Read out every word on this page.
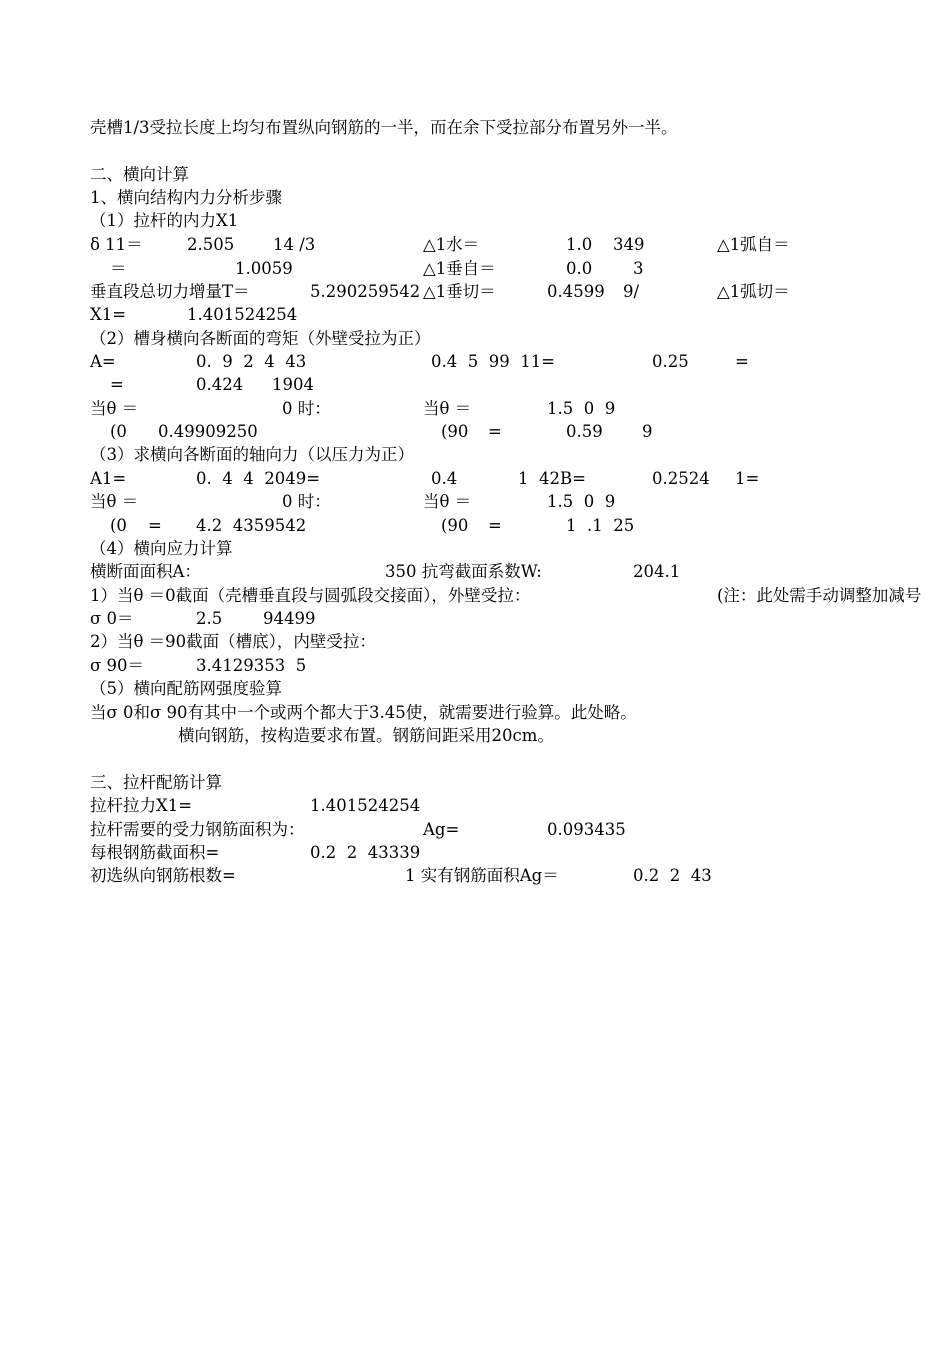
壳槽1/3受拉长度上均匀布置纵向钢筋的一半，而在余下受拉部分布置另外一半。
二、横向计算
1、横向结构内力分析步骤
（1）拉杆的内力X1
δ 11＝	2.505 14 /3	△1水＝	1.0 349	△1弧自＝
＝	1.0059	△1垂自＝	0.0 3
垂直段总切力增量T＝	5.290259542 △1垂切＝	0.4599 9/	△1弧切＝
X1=	1.401524254
（2）槽身横向各断面的弯矩（外壁受拉为正）
A=	0.  9  2  4  43	0.4  5  99  11=	0.25	=
=	0.424 1904
当θ ＝	0 时：	当θ ＝	1.5  0  9
(0 0.49909250	(90 =	0.59 9
（3）求横向各断面的轴向力（以压力为正）
A1=	0.  4  4  2049=	0.4	1  42B=	0.2524 1=
当θ ＝	0 时：	当θ ＝	1.5  0  9
(0 = 4.2  4359542	(90 =	1  .1  25
（4）横向应力计算
横断面面积A：	350 抗弯截面系数W:	204.1
1）当θ ＝0截面（壳槽垂直段与圆弧段交接面），外壁受拉：	(注：此处需手动调整加减号
σ 0＝	2.5 94499
2）当θ ＝90截面（槽底），内壁受拉：
σ 90＝	3.4129353  5
（5）横向配筋网强度验算
当σ 0和σ 90有其中一个或两个都大于3.45使，就需要进行验算。此处略。
横向钢筋，按构造要求布置。钢筋间距采用20cm。
三、拉杆配筋计算
拉杆拉力X1=	1.401524254
拉杆需要的受力钢筋面积为：	Ag=	0.093435
每根钢筋截面积=	0.2  2  43339
初选纵向钢筋根数=	1 实有钢筋面积Ag＝	0.2  2  43
